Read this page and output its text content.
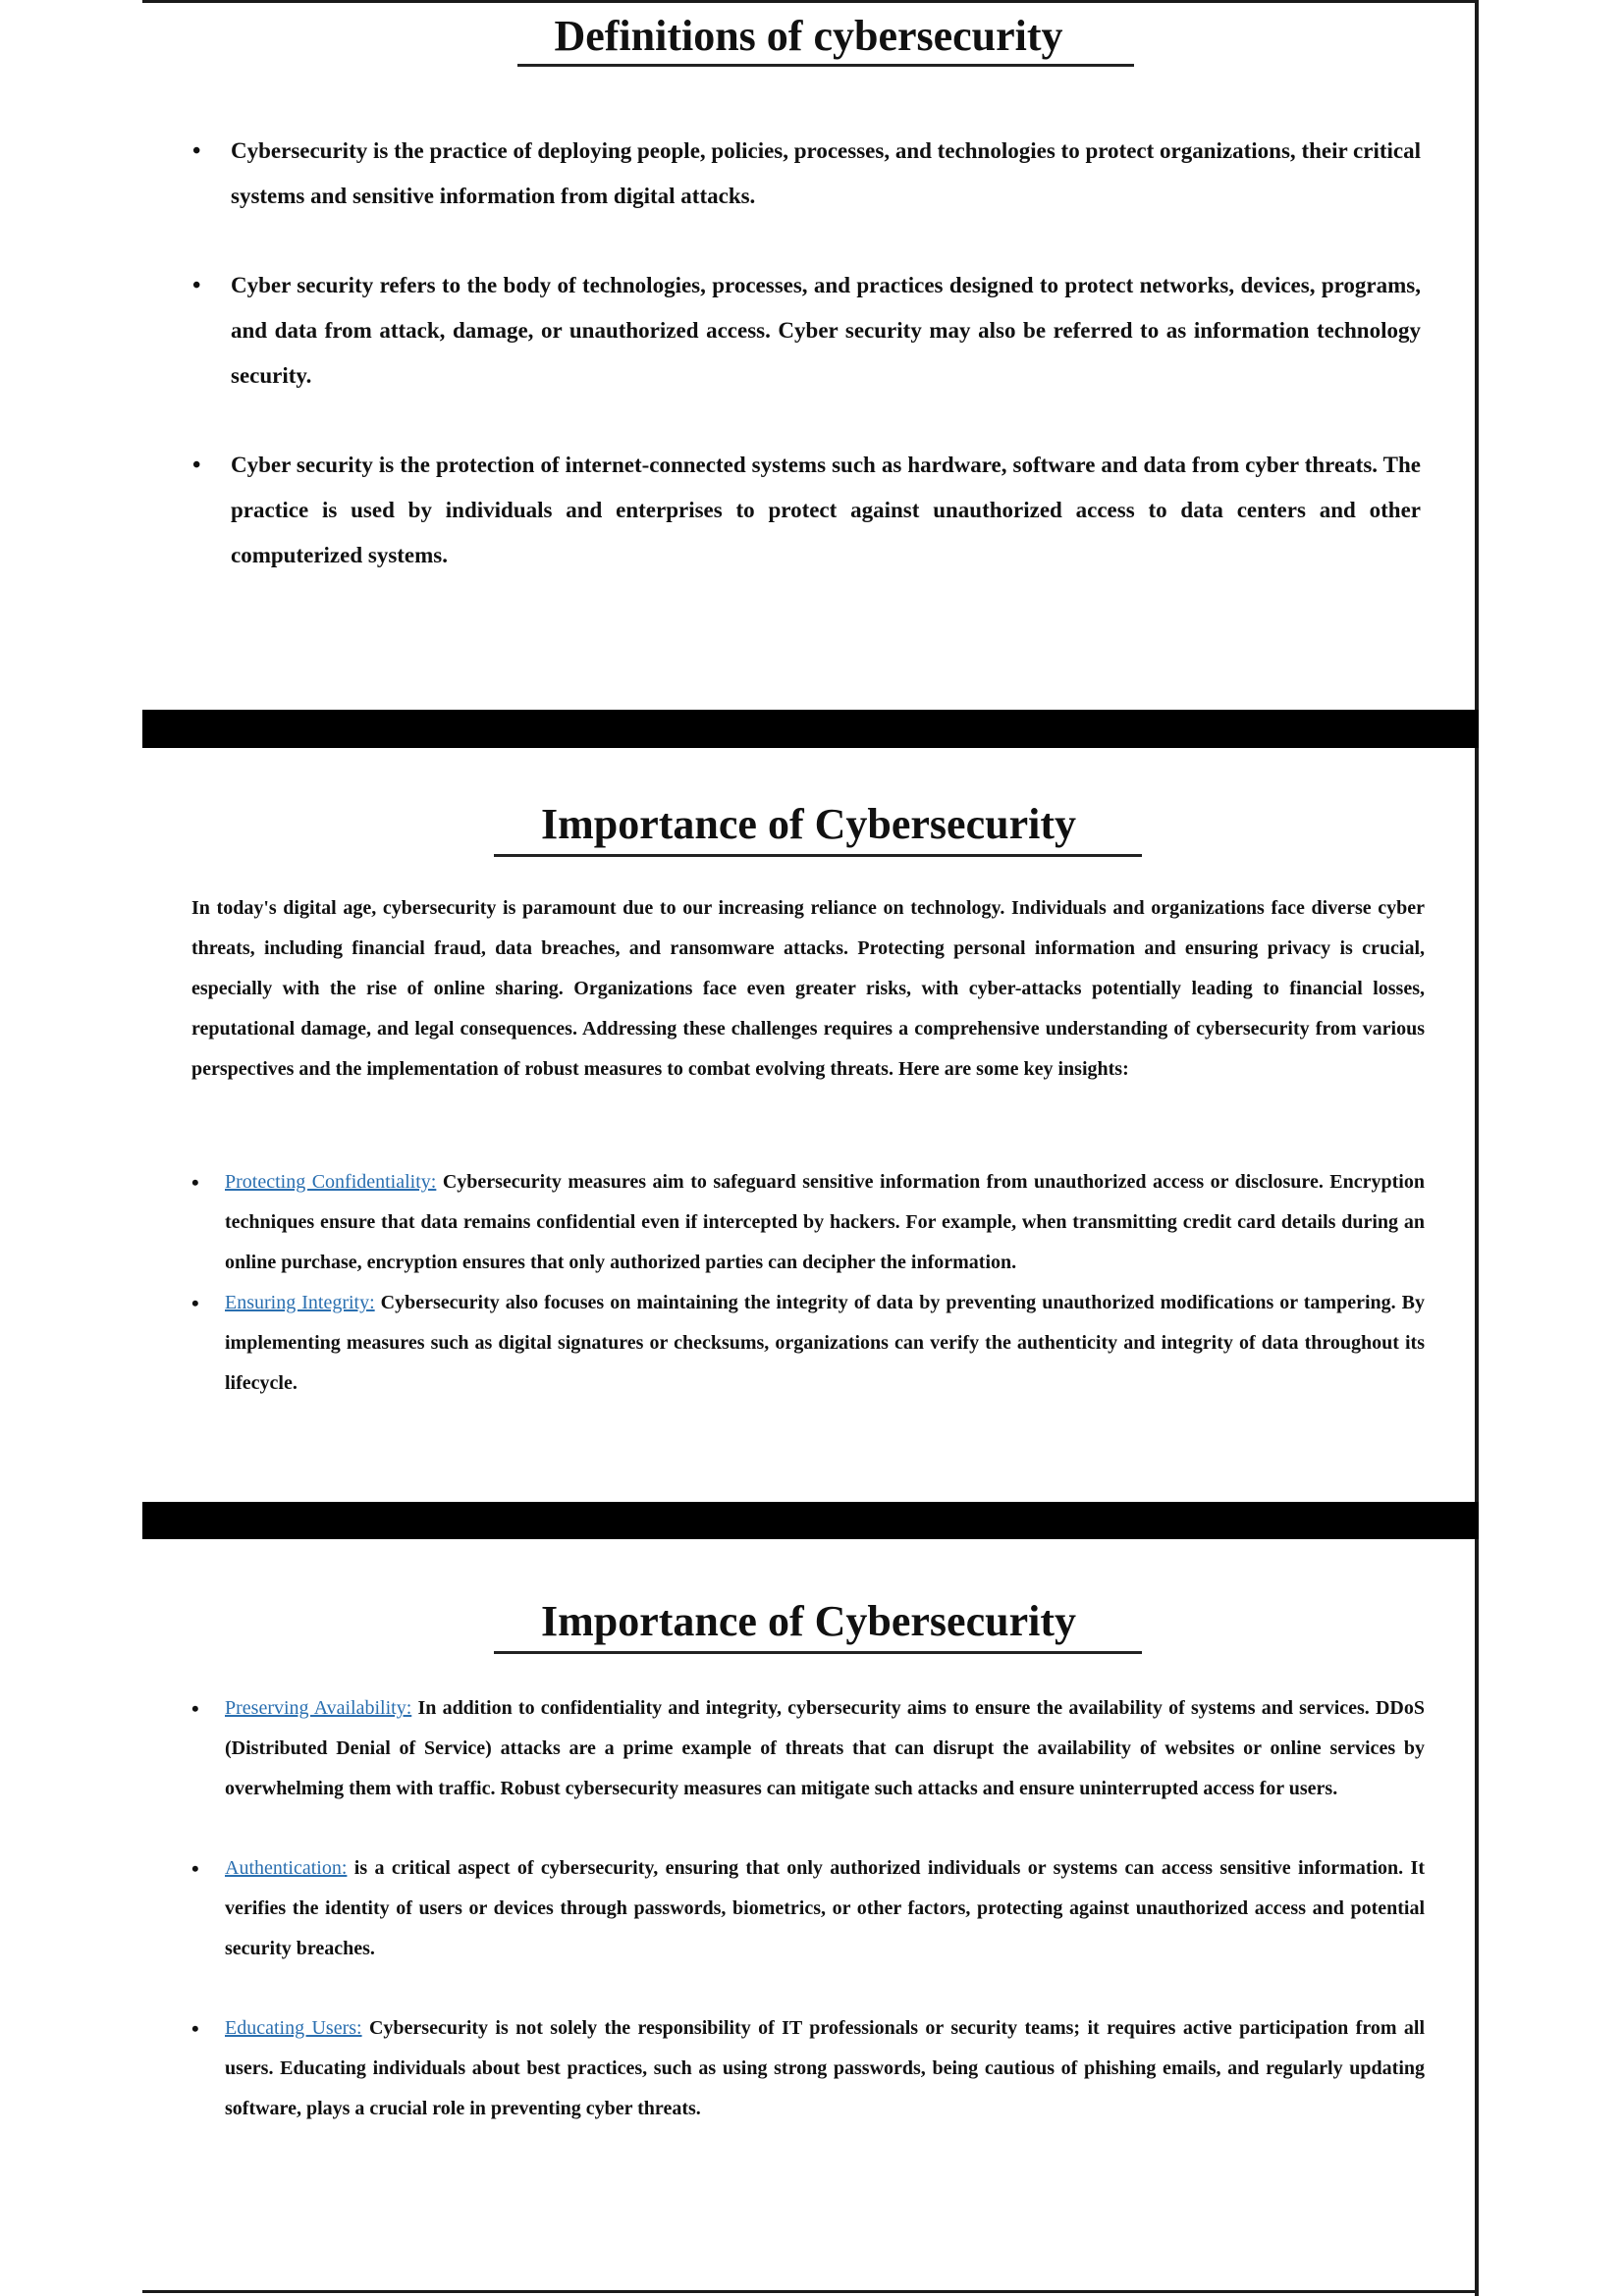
Definitions of cybersecurity
• Cybersecurity is the practice of deploying people, policies, processes, and technologies to protect organizations, their critical systems and sensitive information from digital attacks.
• Cyber security refers to the body of technologies, processes, and practices designed to protect networks, devices, programs, and data from attack, damage, or unauthorized access. Cyber security may also be referred to as information technology security.
• Cyber security is the protection of internet-connected systems such as hardware, software and data from cyber threats. The practice is used by individuals and enterprises to protect against unauthorized access to data centers and other computerized systems.
Importance of Cybersecurity

In today's digital age, cybersecurity is paramount due to our increasing reliance on technology. Individuals and organizations face diverse cyber threats, including financial fraud, data breaches, and ransomware attacks. Protecting personal information and ensuring privacy is crucial, especially with the rise of online sharing. Organizations face even greater risks, with cyber-attacks potentially leading to financial losses, reputational damage, and legal consequences. Addressing these challenges requires a comprehensive understanding of cybersecurity from various perspectives and the implementation of robust measures to combat evolving threats. Here are some key insights:

• Protecting Confidentiality: Cybersecurity measures aim to safeguard sensitive information from unauthorized access or disclosure. Encryption techniques ensure that data remains confidential even if intercepted by hackers. For example, when transmitting credit card details during an online purchase, encryption ensures that only authorized parties can decipher the information.
• Ensuring Integrity: Cybersecurity also focuses on maintaining the integrity of data by preventing unauthorized modifications or tampering. By implementing measures such as digital signatures or checksums, organizations can verify the authenticity and integrity of data throughout its lifecycle.
Importance of Cybersecurity
• Preserving Availability: In addition to confidentiality and integrity, cybersecurity aims to ensure the availability of systems and services. DDoS (Distributed Denial of Service) attacks are a prime example of threats that can disrupt the availability of websites or online services by overwhelming them with traffic. Robust cybersecurity measures can mitigate such attacks and ensure uninterrupted access for users.
• Authentication: is a critical aspect of cybersecurity, ensuring that only authorized individuals or systems can access sensitive information. It verifies the identity of users or devices through passwords, biometrics, or other factors, protecting against unauthorized access and potential security breaches.
• Educating Users: Cybersecurity is not solely the responsibility of IT professionals or security teams; it requires active participation from all users. Educating individuals about best practices, such as using strong passwords, being cautious of phishing emails, and regularly updating software, plays a crucial role in preventing cyber threats.
